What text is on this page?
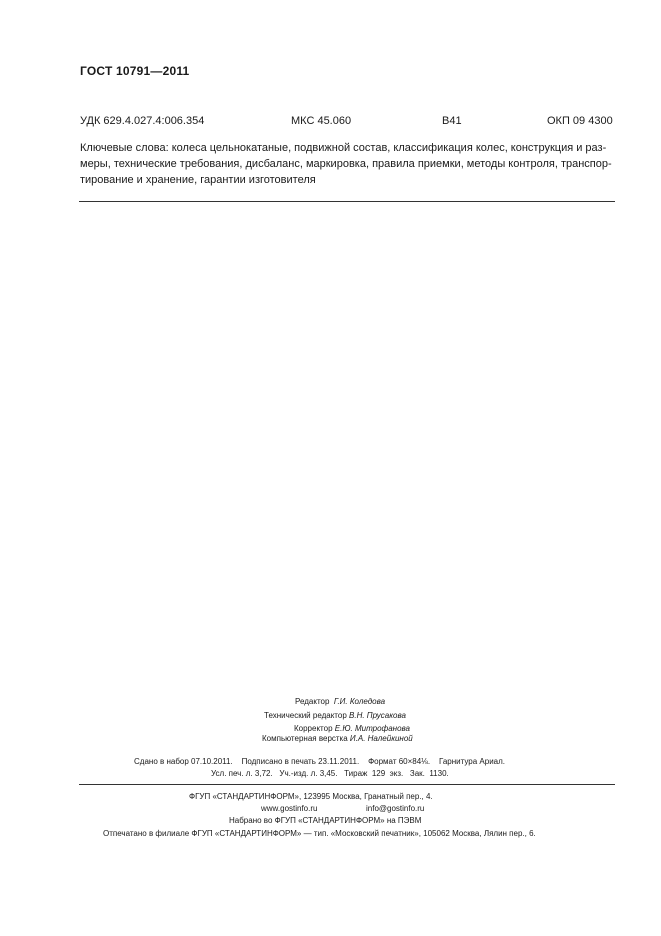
ГОСТ 10791—2011
УДК 629.4.027.4:006.354	МКС 45.060	В41	ОКП 09 4300
Ключевые слова: колеса цельнокатаные, подвижной состав, классификация колес, конструкция и раз-
меры, технические требования, дисбаланс, маркировка, правила приемки, методы контроля, транспор-
тирование и хранение, гарантии изготовителя
Редактор Г.И. Коледова
Технический редактор В.Н. Прусакова
Корректор Е.Ю. Митрофанова
Компьютерная верстка И.А. Налейкиной
Сдано в набор 07.10.2011.    Подписано в печать 23.11.2011.    Формат 60×84⅛.    Гарнитура Ариал.
Усл. печ. л. 3,72.   Уч.-изд. л. 3,45.   Тираж  129  экз.   Зак.  1130.
ФГУП «СТАНДАРТИНФОРМ», 123995 Москва, Гранатный пер., 4.
www.gostinfo.ru	info@gostinfo.ru
Набрано во ФГУП «СТАНДАРТИНФОРМ» на ПЭВМ
Отпечатано в филиале ФГУП «СТАНДАРТИНФОРМ» — тип. «Московский печатник», 105062 Москва, Лялин пер., 6.
